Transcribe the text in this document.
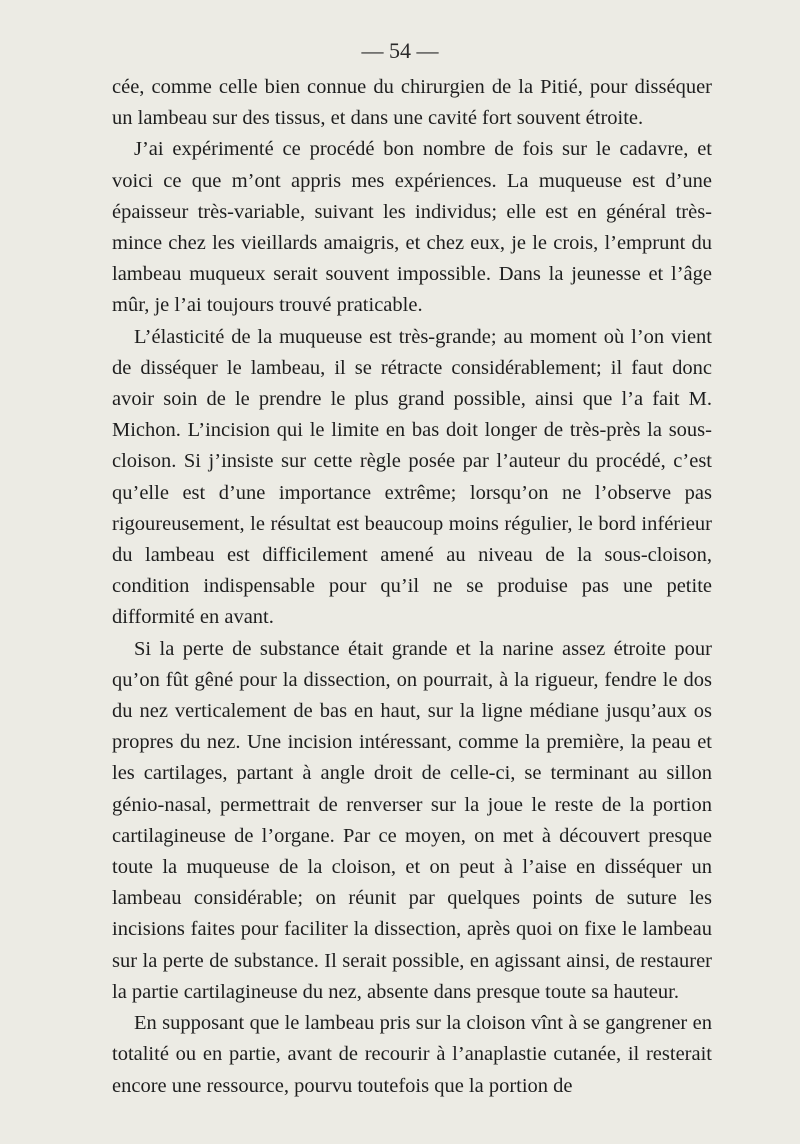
— 54 —

cée, comme celle bien connue du chirurgien de la Pitié, pour disséquer un lambeau sur des tissus, et dans une cavité fort souvent étroite.

J’ai expérimenté ce procédé bon nombre de fois sur le cadavre, et voici ce que m’ont appris mes expériences. La muqueuse est d’une épaisseur très-variable, suivant les individus; elle est en général très-mince chez les vieillards amaigris, et chez eux, je le crois, l’emprunt du lambeau muqueux serait souvent impossible. Dans la jeunesse et l’âge mûr, je l’ai toujours trouvé praticable.

L’élasticité de la muqueuse est très-grande; au moment où l’on vient de disséquer le lambeau, il se rétracte considérablement; il faut donc avoir soin de le prendre le plus grand possible, ainsi que l’a fait M. Michon. L’incision qui le limite en bas doit longer de très-près la sous-cloison. Si j’insiste sur cette règle posée par l’auteur du procédé, c’est qu’elle est d’une importance extrême; lorsqu’on ne l’observe pas rigoureusement, le résultat est beaucoup moins régulier, le bord inférieur du lambeau est difficilement amené au niveau de la sous-cloison, condition indispensable pour qu’il ne se produise pas une petite difformité en avant.

Si la perte de substance était grande et la narine assez étroite pour qu’on fût gêné pour la dissection, on pourrait, à la rigueur, fendre le dos du nez verticalement de bas en haut, sur la ligne médiane jusqu’aux os propres du nez. Une incision intéressant, comme la première, la peau et les cartilages, partant à angle droit de celle-ci, se terminant au sillon génio-nasal, permettrait de renverser sur la joue le reste de la portion cartilagineuse de l’organe. Par ce moyen, on met à découvert presque toute la muqueuse de la cloison, et on peut à l’aise en disséquer un lambeau considérable; on réunit par quelques points de suture les incisions faites pour faciliter la dissection, après quoi on fixe le lambeau sur la perte de substance. Il serait possible, en agissant ainsi, de restaurer la partie cartilagineuse du nez, absente dans presque toute sa hauteur.

En supposant que le lambeau pris sur la cloison vînt à se gangrener en totalité ou en partie, avant de recourir à l’anaplastie cutanée, il resterait encore une ressource, pourvu toutefois que la portion de
